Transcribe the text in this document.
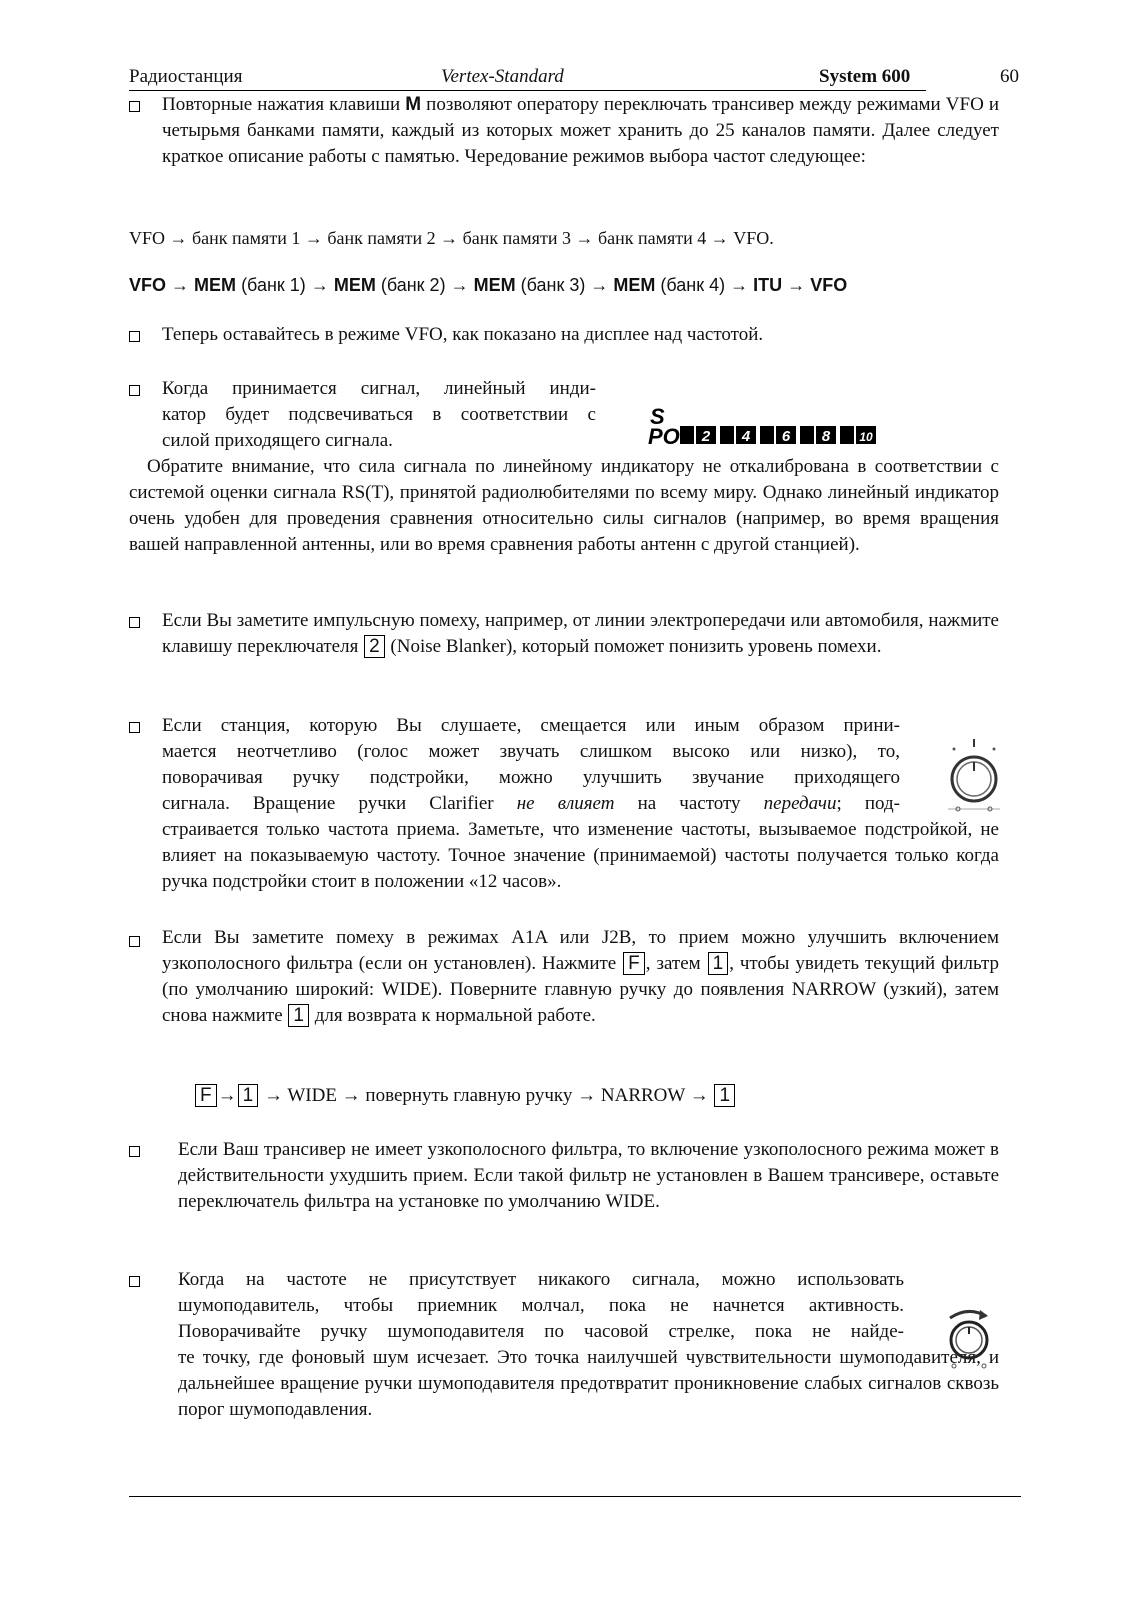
Радиостанция	Vertex-Standard	System 600	60
Повторные нажатия клавиши M позволяют оператору переключать трансивер между режимами VFO и четырьмя банками памяти, каждый из которых может хранить до 25 каналов памяти. Далее следует краткое описание работы с памятью. Чередование режимов выбора частот следующее:
VFO → банк памяти 1 → банк памяти 2 → банк памяти 3 → банк памяти 4 → VFO.
VFO → MEM (банк 1) → MEM (банк 2) → MEM (банк 3) → MEM (банк 4) → ITU → VFO
Теперь оставайтесь в режиме VFO, как показано на дисплее над частотой.
Когда принимается сигнал, линейный инди-
катор будет подсвечиваться в соответствии с
силой приходящего сигнала.
S
PO 2 4 6 8 10
Обратите внимание, что сила сигнала по линейному индикатору не откалибрована в соответствии с системой оценки сигнала RS(T), принятой радиолюбителями по всему миру. Однако линейный индикатор очень удобен для проведения сравнения относительно силы сигналов (например, во время вращения вашей направленной антенны, или во время сравнения работы антенн с другой станцией).
Если Вы заметите импульсную помеху, например, от линии электропередачи или автомобиля, нажмите клавишу переключателя 2 (Noise Blanker), который поможет понизить уровень помехи.
Если станция, которую Вы слушаете, смещается или иным образом прини-
мается неотчетливо (голос может звучать слишком высоко или низко), то,
поворачивая ручку подстройки, можно улучшить звучание приходящего
сигнала. Вращение ручки Clarifier не влияет на частоту передачи; под-
страивается только частота приема. Заметьте, что изменение частоты, вызываемое подстройкой, не влияет на показываемую частоту. Точное значение (принимаемой) частоты получается только когда ручка подстройки стоит в положении «12 часов».
Если Вы заметите помеху в режимах A1A или J2B, то прием можно улучшить включением узкополосного фильтра (если он установлен). Нажмите F , затем 1 , чтобы увидеть текущий фильтр (по умолчанию широкий: WIDE). Поверните главную ручку до появления NARROW (узкий), затем снова нажмите 1 для возврата к нормальной работе.
F → 1 → WIDE → повернуть главную ручку → NARROW → 1
Если Ваш трансивер не имеет узкополосного фильтра, то включение узкополосного режима может в действительности ухудшить прием. Если такой фильтр не установлен в Вашем трансивере, оставьте переключатель фильтра на установке по умолчанию WIDE.
Когда на частоте не присутствует никакого сигнала, можно использовать
шумоподавитель, чтобы приемник молчал, пока не начнется активность.
Поворачивайте ручку шумоподавителя по часовой стрелке, пока не найде-
те точку, где фоновый шум исчезает. Это точка наилучшей чувствительности шумоподавителя, и дальнейшее вращение ручки шумоподавителя предотвратит проникновение слабых сигналов сквозь порог шумоподавления.
